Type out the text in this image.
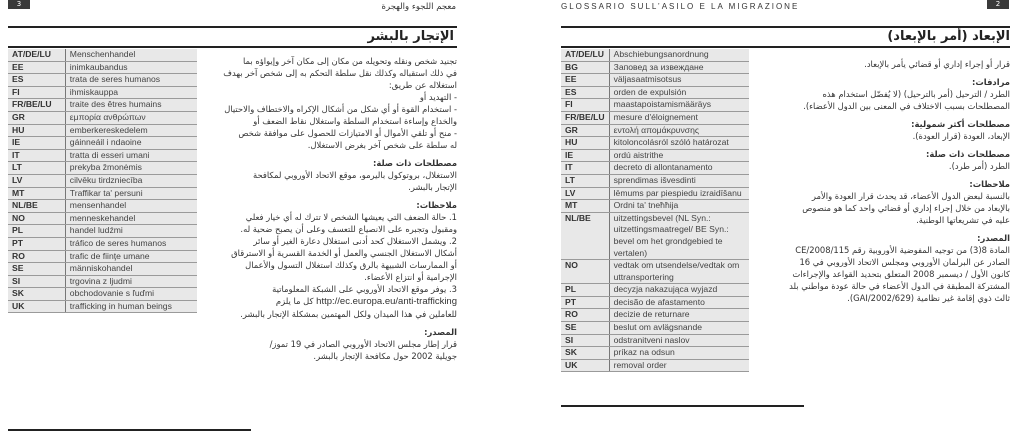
3	معجم اللجوء والهجرة
الإتجار بالبشر
AT/DE/LU	Menschenhandel
EE	inimkaubandus
ES	trata de seres humanos
FI	ihmiskauppa
FR/BE/LU	traite des êtres humains
GR	εμπορία ανθρώπων
HU	emberkereskedelem
IE	gáinneáil i ndaoine
IT	tratta di esseri umani
LT	prekyba žmonėmis
LV	cilvēku tirdzniecība
MT	Traffikar ta' persuni
NL/BE	mensenhandel
NO	menneskehandel
PL	handel ludźmi
PT	tráfico de seres humanos
RO	trafic de fiinţe umane
SE	människohandel
SI	trgovina z ljudmi
SK	obchodovanie s ľuďmi
UK	trafficking in human beings

تجنيد شخص ونقله وتحويله من مكان إلى مكان آخر وإيواؤه بما

في ذلك استقباله وكذلك نقل سلطة التحكم به إلى شخص آخر بهدف

استغلاله عن طريق:

- التهديد أو

- استخدام القوة أو أي شكل من أشكال الإكراه والاختطاف والاحتيال

والخداع وإساءة استخدام السلطة واستغلال نقاط الضعف أو

- منح أو تلقي الأموال أو الامتيازات للحصول على موافقة شخص

له سلطة على شخص آخر بغرض الاستغلال.

مصطلحات ذات صلة:

الاستغلال، بروتوكول باليرمو، موقع الاتحاد الأوروبي لمكافحة

الإتجار بالبشر.

ملاحظات:

1. حالة الضعف التي يعيشها الشخص لا تترك له أي خيار فعلي

ومقبول وتجبره على الانصياع للتعسف وعلى أن يصبح ضحية له.

2. ويشمل الاستغلال كحد أدنى استغلال دعارة الغير أو سائر

أشكال الاستغلال الجنسي والعمل أو الخدمة القسرية أو الاسترقاق

أو الممارسات الشبيهة بالرق وكذلك استغلال التسول والأعمال

الإجرامية أو انتزاع الأعضاء.

3. يوفر موقع الاتحاد الأوروبي على الشبكة المعلوماتية

http://ec.europa.eu/anti-trafficking كل ما يلزم

للعاملين في هذا الميدان ولكل المهتمين بمشكلة الإتجار بالبشر.

المصدر:

قرار إطار مجلس الاتحاد الأوروبي الصادر في 19 تموز/

جويلية 2002 حول مكافحة الإتجار بالبشر.

GLOSSARIO SULL’ASILO E LA MIGRAZIONE	2
الإبعاد (أمر بالإبعاد)
AT/DE/LU	Abschiebungsanordnung
BG	Заповед за извеждане
EE	väljasaatmisotsus
ES	orden de expulsión
FI	maastapoistamismääräys
FR/BE/LU	mesure d'éloignement
GR	εντολή απομάκρυνσης
HU	kitoloncolásról szóló határozat
IE	ordú aistrithe
IT	decreto di allontanamento
LT	sprendimas išvesdinti
LV	lēmums par piespiedu izraidīšanu
MT	Ordni ta' tneħħija
NL/BE	uitzettingsbevel (NL Syn.: uitzettingsmaatregel/ BE Syn.: bevel om het grondgebied te vertalen)
NO	vedtak om utsendelse/vedtak om uttransportering
PL	decyzja nakazująca wyjazd
PT	decisão de afastamento
RO	decizie de returnare
SE	beslut om avlägsnande
SI	odstranitveni naslov
SK	príkaz na odsun
UK	removal order

قرار أو إجراء إداري أو قضائي يأمر بالإبعاد.

مرادفات:

الطرد / الترحيل (أمر بالترحيل) (لا يُفضّل استخدام هذه

المصطلحات بسبب الاختلاف في المعنى بين الدول الأعضاء).

مصطلحات أكثر شمولية:

الإبعاد، العودة (قرار العودة).

مصطلحات ذات صلة:

الطرد (أمر طرد).

ملاحظات:

بالنسبة لبعض الدول الأعضاء، قد يحدث قرار العودة والأمر

بالإبعاد من خلال إجراء إداري أو قضائي واحد كما هو منصوص

عليه في تشريعاتها الوطنية.

المصدر:

المادة 8(3) من توجيه المفوضية الأوروبية رقم CE/2008/115

الصادر عن البرلمان الأوروبي ومجلس الاتحاد الأوروبي في 16

كانون الأول / ديسمبر 2008 المتعلق بتحديد القواعد والإجراءات

المشتركة المطبقة في الدول الأعضاء في حالة عودة مواطني بلد

ثالث ذوي إقامة غير نظامية (GAI/2002/629).
